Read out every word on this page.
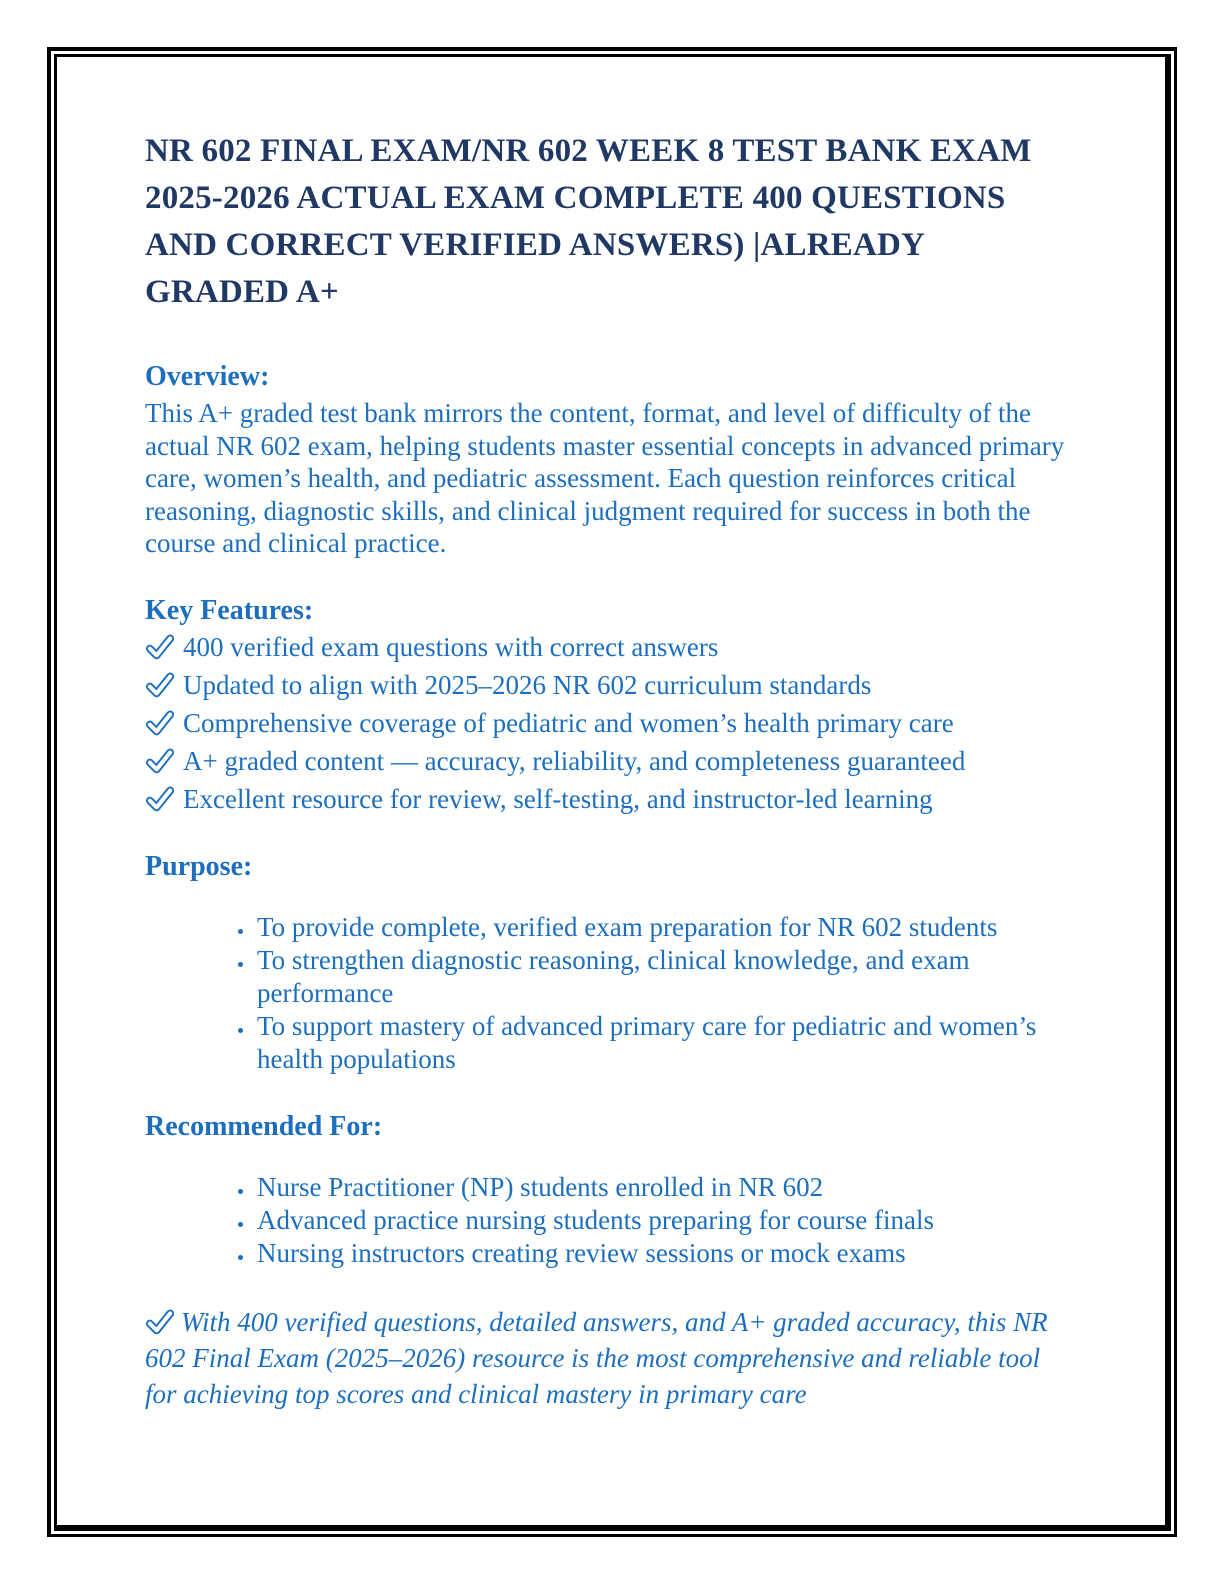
NR 602 FINAL EXAM/NR 602 WEEK 8 TEST BANK EXAM 2025-2026 ACTUAL EXAM COMPLETE 400 QUESTIONS AND CORRECT VERIFIED ANSWERS) |ALREADY GRADED A+
Overview:

This A+ graded test bank mirrors the content, format, and level of difficulty of the actual NR 602 exam, helping students master essential concepts in advanced primary care, women’s health, and pediatric assessment. Each question reinforces critical reasoning, diagnostic skills, and clinical judgment required for success in both the course and clinical practice.

Key Features:
400 verified exam questions with correct answers
Updated to align with 2025–2026 NR 602 curriculum standards
Comprehensive coverage of pediatric and women’s health primary care
A+ graded content — accuracy, reliability, and completeness guaranteed
Excellent resource for review, self-testing, and instructor-led learning
Purpose:
• To provide complete, verified exam preparation for NR 602 students
• To strengthen diagnostic reasoning, clinical knowledge, and exam performance
• To support mastery of advanced primary care for pediatric and women’s health populations
Recommended For:
• Nurse Practitioner (NP) students enrolled in NR 602
• Advanced practice nursing students preparing for course finals
• Nursing instructors creating review sessions or mock exams

With 400 verified questions, detailed answers, and A+ graded accuracy, this NR 602 Final Exam (2025–2026) resource is the most comprehensive and reliable tool for achieving top scores and clinical mastery in primary care
